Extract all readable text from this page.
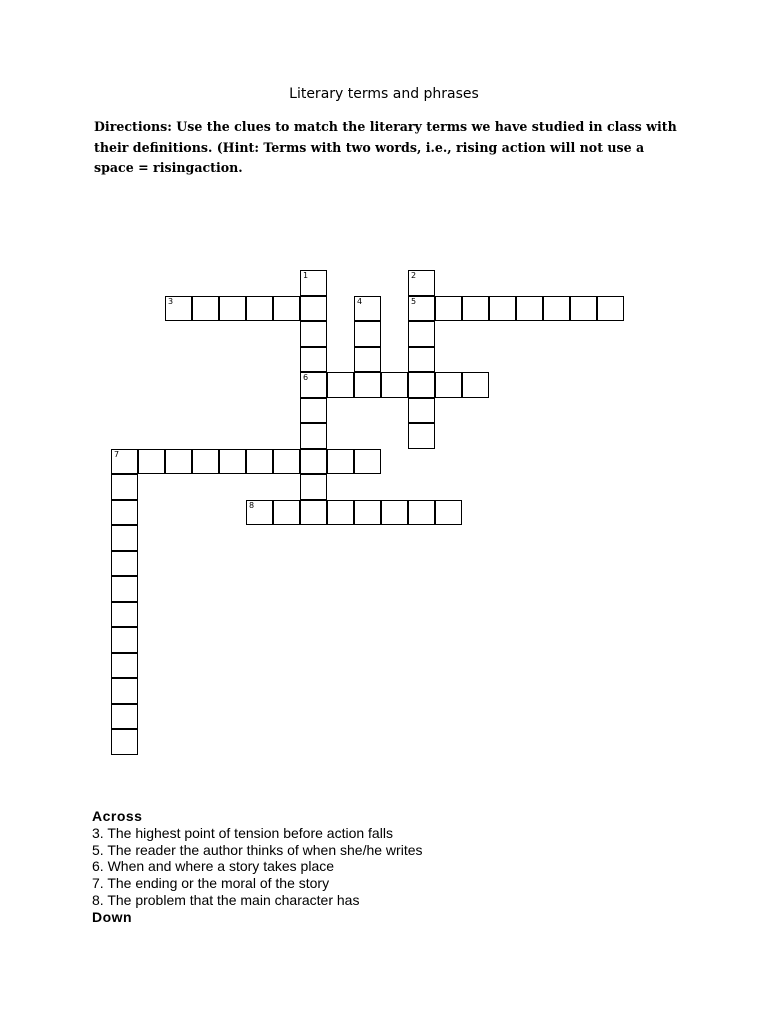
Literary terms and phrases
Directions: Use the clues to match the literary terms we have studied in class with their definitions. (Hint: Terms with two words, i.e., rising action will not use a space = risingaction.
1
6
2
5
3	4
7
8
Across
3. The highest point of tension before action falls
5. The reader the author thinks of when she/he writes
6. When and where a story takes place
7. The ending or the moral of the story
8. The problem that the main character has
Down
